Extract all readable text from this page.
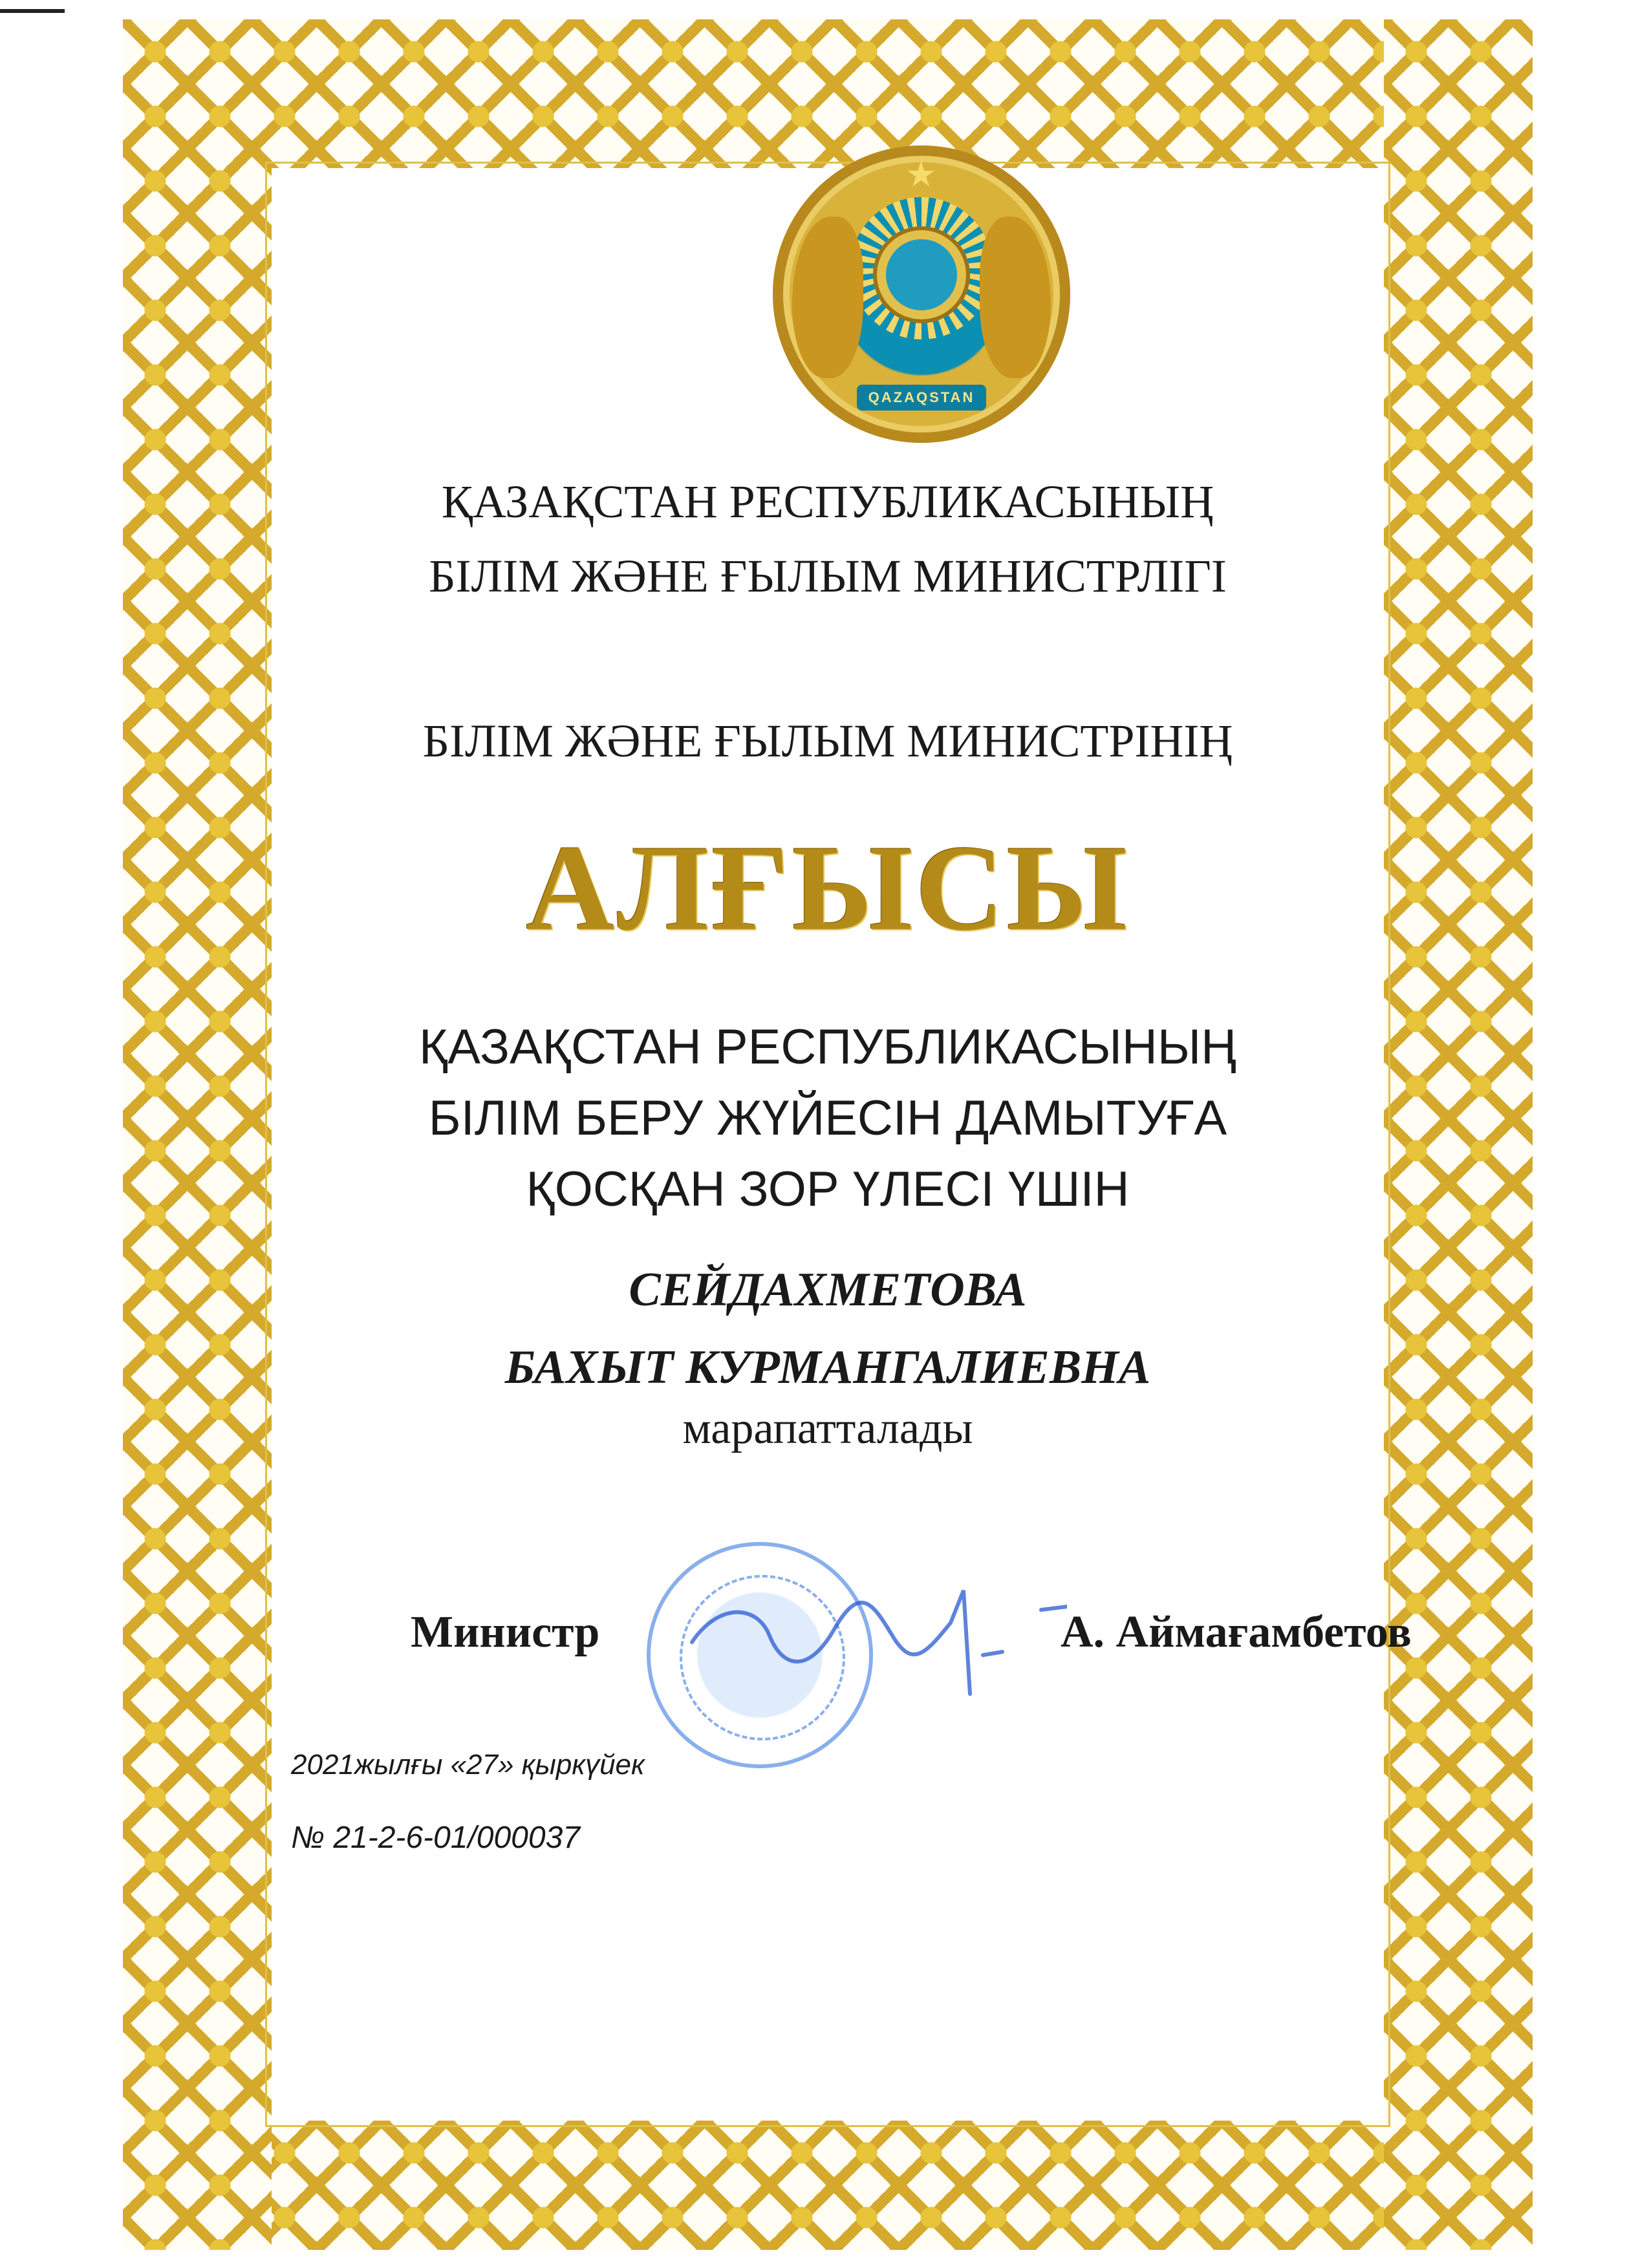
★
QAZAQSTAN
ҚАЗАҚСТАН РЕСПУБЛИКАСЫНЫҢ
БІЛІМ ЖӘНЕ ҒЫЛЫМ МИНИСТРЛІГІ
БІЛІМ ЖӘНЕ ҒЫЛЫМ МИНИСТРІНІҢ
АЛҒЫСЫ
ҚАЗАҚСТАН РЕСПУБЛИКАСЫНЫҢ
БІЛІМ БЕРУ ЖҮЙЕСІН ДАМЫТУҒА
ҚОСҚАН ЗОР ҮЛЕСІ ҮШІН
СЕЙДАХМЕТОВА
БАХЫТ КУРМАНГАЛИЕВНА
марапатталады
Министр	А. Аймағамбетов
2021жылғы «27» қыркүйек
№ 21-2-6-01/000037
